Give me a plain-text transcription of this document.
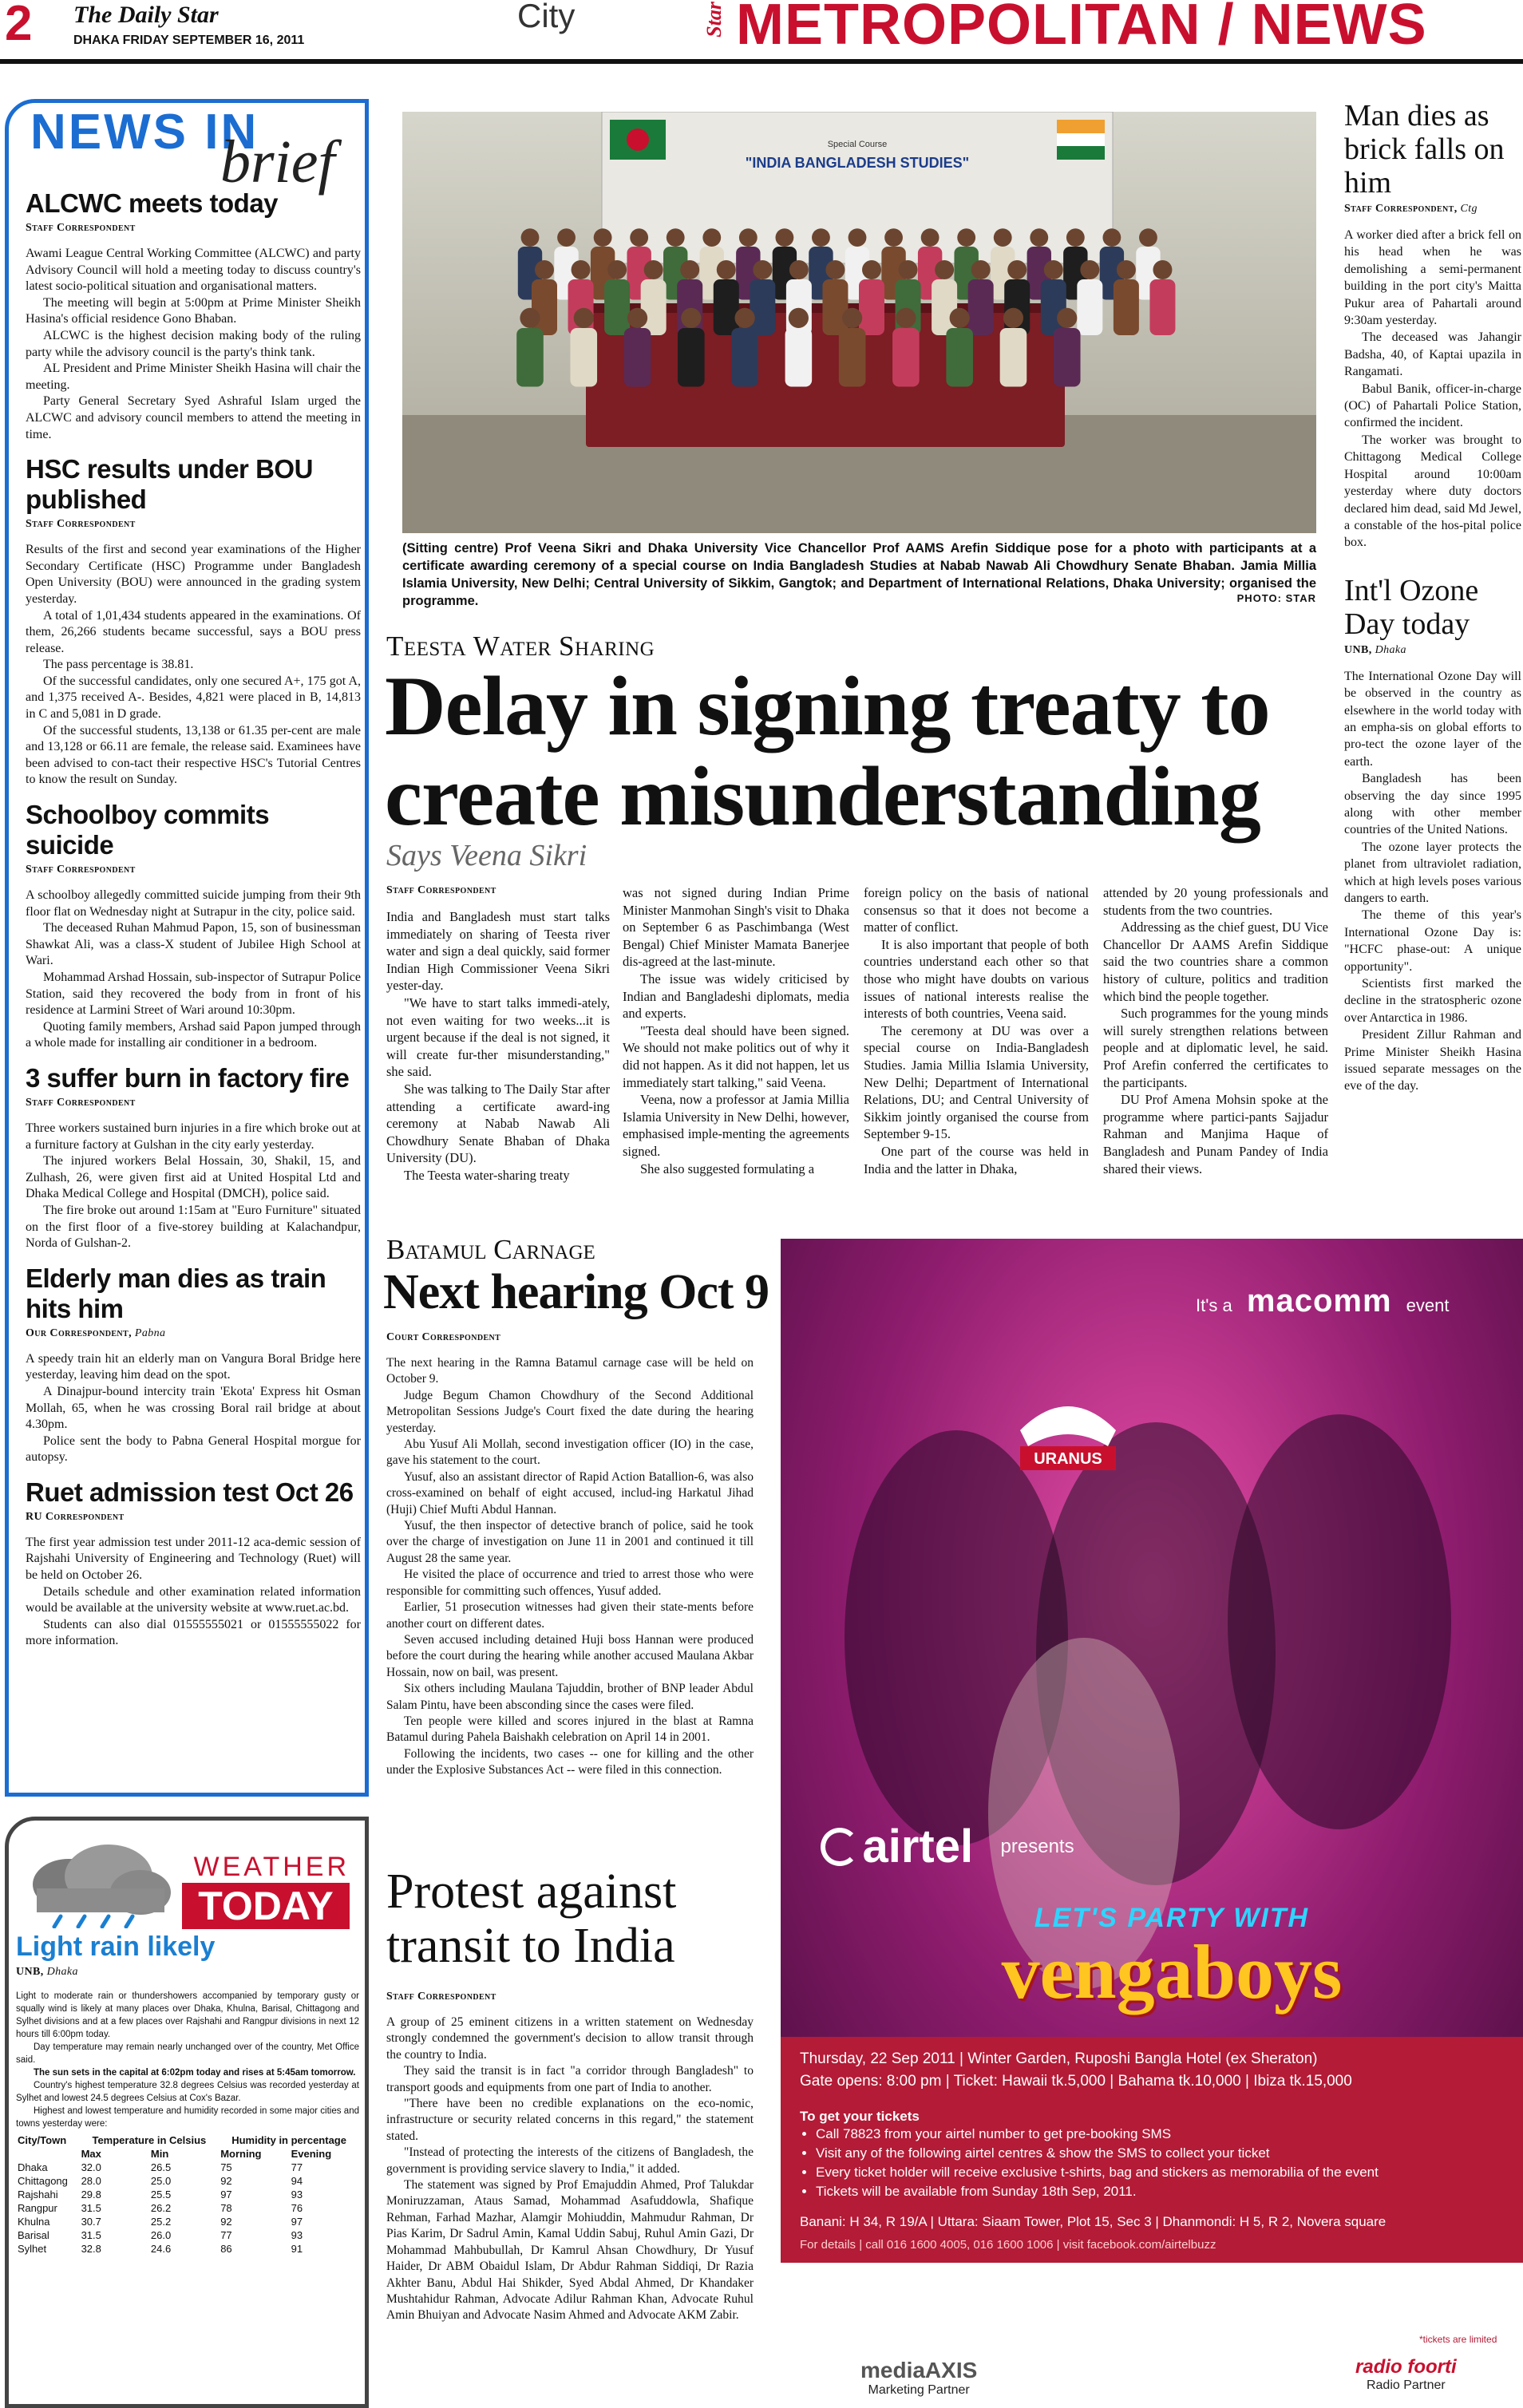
2 The Daily Star
DHAKA FRIDAY SEPTEMBER 16, 2011
City	Star METROPOLITAN / NEWS
NEWS IN
brief
ALCWC meets today
Staff Correspondent

Awami League Central Working Committee (ALCWC) and party Advisory Council will hold a meeting today to discuss country's latest socio-political situation and organisational matters.

The meeting will begin at 5:00pm at Prime Minister Sheikh Hasina's official residence Gono Bhaban.

ALCWC is the highest decision making body of the ruling party while the advisory council is the party's think tank.

AL President and Prime Minister Sheikh Hasina will chair the meeting.

Party General Secretary Syed Ashraful Islam urged the ALCWC and advisory council members to attend the meeting in time.

HSC results under BOU published
Staff Correspondent

Results of the first and second year examinations of the Higher Secondary Certificate (HSC) Programme under Bangladesh Open University (BOU) were announced in the grading system yesterday.

A total of 1,01,434 students appeared in the examinations. Of them, 26,266 students became successful, says a BOU press release.

The pass percentage is 38.81.

Of the successful candidates, only one secured A+, 175 got A, and 1,375 received A-. Besides, 4,821 were placed in B, 14,813 in C and 5,081 in D grade.

Of the successful students, 13,138 or 61.35 per-cent are male and 13,128 or 66.11 are female, the release said. Examinees have been advised to con-tact their respective HSC's Tutorial Centres to know the result on Sunday.

Schoolboy commits suicide
Staff Correspondent

A schoolboy allegedly committed suicide jumping from their 9th floor flat on Wednesday night at Sutrapur in the city, police said.

The deceased Ruhan Mahmud Papon, 15, son of businessman Shawkat Ali, was a class-X student of Jubilee High School at Wari.

Mohammad Arshad Hossain, sub-inspector of Sutrapur Police Station, said they recovered the body from in front of his residence at Larmini Street of Wari around 10:30pm.

Quoting family members, Arshad said Papon jumped through a whole made for installing air conditioner in a bedroom.

3 suffer burn in factory fire
Staff Correspondent

Three workers sustained burn injuries in a fire which broke out at a furniture factory at Gulshan in the city early yesterday.

The injured workers Belal Hossain, 30, Shakil, 15, and Zulhash, 26, were given first aid at United Hospital Ltd and Dhaka Medical College and Hospital (DMCH), police said.

The fire broke out around 1:15am at "Euro Furniture" situated on the first floor of a five-storey building at Kalachandpur, Norda of Gulshan-2.

Elderly man dies as train hits him
Our Correspondent, Pabna

A speedy train hit an elderly man on Vangura Boral Bridge here yesterday, leaving him dead on the spot.

A Dinajpur-bound intercity train 'Ekota' Express hit Osman Mollah, 65, when he was crossing Boral rail bridge at about 4.30pm.

Police sent the body to Pabna General Hospital morgue for autopsy.

Ruet admission test Oct 26
RU Correspondent

The first year admission test under 2011-12 aca-demic session of Rajshahi University of Engineering and Technology (Ruet) will be held on October 26.

Details schedule and other examination related information would be available at the university website at www.ruet.ac.bd.

Students can also dial 01555555021 or 01555555022 for more information.

"INDIA BANGLADESH STUDIES"
Special Course
(Sitting centre) Prof Veena Sikri and Dhaka University Vice Chancellor Prof AAMS Arefin Siddique pose for a photo with participants at a certificate awarding ceremony of a special course on India Bangladesh Studies at Nabab Nawab Ali Chowdhury Senate Bhaban. Jamia Millia Islamia University, New Delhi; Central University of Sikkim, Gangtok; and Department of International Relations, Dhaka University; organised the programme.	PHOTO: STAR
Teesta Water Sharing
Delay in signing treaty to
create misunderstanding
Says Veena Sikri
Staff Correspondent

India and Bangladesh must start talks immediately on sharing of Teesta river water and sign a deal quickly, said former Indian High Commissioner Veena Sikri yester-day.

"We have to start talks immedi-ately, not even waiting for two weeks...it is urgent because if the deal is not signed, it will create fur-ther misunderstanding," she said.

She was talking to The Daily Star after attending a certificate award-ing ceremony at Nabab Nawab Ali Chowdhury Senate Bhaban of Dhaka University (DU).

The Teesta water-sharing treaty

was not signed during Indian Prime Minister Manmohan Singh's visit to Dhaka on September 6 as Paschimbanga (West Bengal) Chief Minister Mamata Banerjee dis-agreed at the last-minute.

The issue was widely criticised by Indian and Bangladeshi diplomats, media and experts.

"Teesta deal should have been signed. We should not make politics out of why it did not happen. As it did not happen, let us immediately start talking," said Veena.

Veena, now a professor at Jamia Millia Islamia University in New Delhi, however, emphasised imple-menting the agreements signed.

She also suggested formulating a

foreign policy on the basis of national consensus so that it does not become a matter of conflict.

It is also important that people of both countries understand each other so that those who might have doubts on various issues of national interests realise the interests of both countries, Veena said.

The ceremony at DU was over a special course on India-Bangladesh Studies. Jamia Millia Islamia University, New Delhi; Department of International Relations, DU; and Central University of Sikkim jointly organised the course from September 9-15.

One part of the course was held in India and the latter in Dhaka,

attended by 20 young professionals and students from the two countries.

Addressing as the chief guest, DU Vice Chancellor Dr AAMS Arefin Siddique said the two countries share a common history of culture, politics and tradition which bind the people together.

Such programmes for the young minds will surely strengthen relations between people and at diplomatic level, he said. Prof Arefin conferred the certificates to the participants.

DU Prof Amena Mohsin spoke at the programme where partici-pants Sajjadur Rahman and Manjima Haque of Bangladesh and Punam Pandey of India shared their views.

Man dies as brick falls on him
Staff Correspondent, Ctg

A worker died after a brick fell on his head when he was demolishing a semi-permanent building in the port city's Maitta Pukur area of Pahartali around 9:30am yesterday.

The deceased was Jahangir Badsha, 40, of Kaptai upazila in Rangamati.

Babul Banik, officer-in-charge (OC) of Pahartali Police Station, confirmed the incident.

The worker was brought to Chittagong Medical College Hospital around 10:00am yesterday where duty doctors declared him dead, said Md Jewel, a constable of the hos-pital police box.

Int'l Ozone Day today
UNB, Dhaka

The International Ozone Day will be observed in the country as elsewhere in the world today with an empha-sis on global efforts to pro-tect the ozone layer of the earth.

Bangladesh has been observing the day since 1995 along with other member countries of the United Nations.

The ozone layer protects the planet from ultraviolet radiation, which at high levels poses various dangers to earth.

The theme of this year's International Ozone Day is: "HCFC phase-out: A unique opportunity".

Scientists first marked the decline in the stratospheric ozone over Antarctica in 1986.

President Zillur Rahman and Prime Minister Sheikh Hasina issued separate messages on the eve of the day.

Batamul Carnage
Next hearing Oct 9
Court Correspondent

The next hearing in the Ramna Batamul carnage case will be held on October 9.

Judge Begum Chamon Chowdhury of the Second Additional Metropolitan Sessions Judge's Court fixed the date during the hearing yesterday.

Abu Yusuf Ali Mollah, second investigation officer (IO) in the case, gave his statement to the court.

Yusuf, also an assistant director of Rapid Action Batallion-6, was also cross-examined on behalf of eight accused, includ-ing Harkatul Jihad (Huji) Chief Mufti Abdul Hannan.

Yusuf, the then inspector of detective branch of police, said he took over the charge of investigation on June 11 in 2001 and continued it till August 28 the same year.

He visited the place of occurrence and tried to arrest those who were responsible for committing such offences, Yusuf added.

Earlier, 51 prosecution witnesses had given their state-ments before another court on different dates.

Seven accused including detained Huji boss Hannan were produced before the court during the hearing while another accused Maulana Akbar Hossain, now on bail, was present.

Six others including Maulana Tajuddin, brother of BNP leader Abdul Salam Pintu, have been absconding since the cases were filed.

Ten people were killed and scores injured in the blast at Ramna Batamul during Pahela Baishakh celebration on April 14 in 2001.

Following the incidents, two cases -- one for killing and the other under the Explosive Substances Act -- were filed in this connection.

Protest against
transit to India
Staff Correspondent

A group of 25 eminent citizens in a written statement on Wednesday strongly condemned the government's decision to allow transit through the country to India.

They said the transit is in fact "a corridor through Bangladesh" to transport goods and equipments from one part of India to another.

"There have been no credible explanations on the eco-nomic, infrastructure or security related concerns in this regard," the statement stated.

"Instead of protecting the interests of the citizens of Bangladesh, the government is providing service slavery to India," it added.

The statement was signed by Prof Emajuddin Ahmed, Prof Talukdar Moniruzzaman, Ataus Samad, Mohammad Asafuddowla, Shafique Rehman, Farhad Mazhar, Alamgir Mohiuddin, Mahmudur Rahman, Dr Pias Karim, Dr Sadrul Amin, Kamal Uddin Sabuj, Ruhul Amin Gazi, Dr Mohammad Mahbubullah, Dr Kamrul Ahsan Chowdhury, Dr Yusuf Haider, Dr ABM Obaidul Islam, Dr Abdur Rahman Siddiqi, Dr Razia Akhter Banu, Abdul Hai Shikder, Syed Abdal Ahmed, Dr Khandaker Mushtahidur Rahman, Advocate Adilur Rahman Khan, Advocate Ruhul Amin Bhuiyan and Advocate Nasim Ahmed and Advocate AKM Zabir.

URANUS
It's a macomm event
airtel presents
LET'S PARTY WITH
vengaboys
Thursday, 22 Sep 2011 | Winter Garden, Ruposhi Bangla Hotel (ex Sheraton)
Gate opens: 8:00 pm | Ticket: Hawaii tk.5,000 | Bahama tk.10,000 | Ibiza tk.15,000
To get your tickets
• Call 78823 from your airtel number to get pre-booking SMS
• Visit any of the following airtel centres & show the SMS to collect your ticket
• Every ticket holder will receive exclusive t-shirts, bag and stickers as memorabilia of the event
• Tickets will be available from Sunday 18th Sep, 2011.
Banani: H 34, R 19/A | Uttara: Siaam Tower, Plot 15, Sec 3 | Dhanmondi: H 5, R 2, Novera square
For details | call 016 1600 4005, 016 1600 1006 | visit facebook.com/airtelbuzz
*tickets are limited
mediaAXIS
Marketing Partner
radio foorti
Radio Partner
WEATHER
TODAY
Light rain likely
UNB, Dhaka

Light to moderate rain or thundershowers accompanied by temporary gusty or squally wind is likely at many places over Dhaka, Khulna, Barisal, Chittagong and Sylhet divisions and at a few places over Rajshahi and Rangpur divisions in next 12 hours till 6:00pm today.

Day temperature may remain nearly unchanged over of the country, Met Office said.

The sun sets in the capital at 6:02pm today and rises at 5:45am tomorrow.

Country's highest temperature 32.8 degrees Celsius was recorded yesterday at Sylhet and lowest 24.5 degrees Celsius at Cox's Bazar.

Highest and lowest temperature and humidity recorded in some major cities and towns yesterday were:

City/Town	Temperature in Celsius		Humidity in percentage	
	Max	Min	Morning	Evening
Dhaka	32.0	26.5	75	77
Chittagong	28.0	25.0	92	94
Rajshahi	29.8	25.5	97	93
Rangpur	31.5	26.2	78	76
Khulna	30.7	25.2	92	97
Barisal	31.5	26.0	77	93
Sylhet	32.8	24.6	86	91
